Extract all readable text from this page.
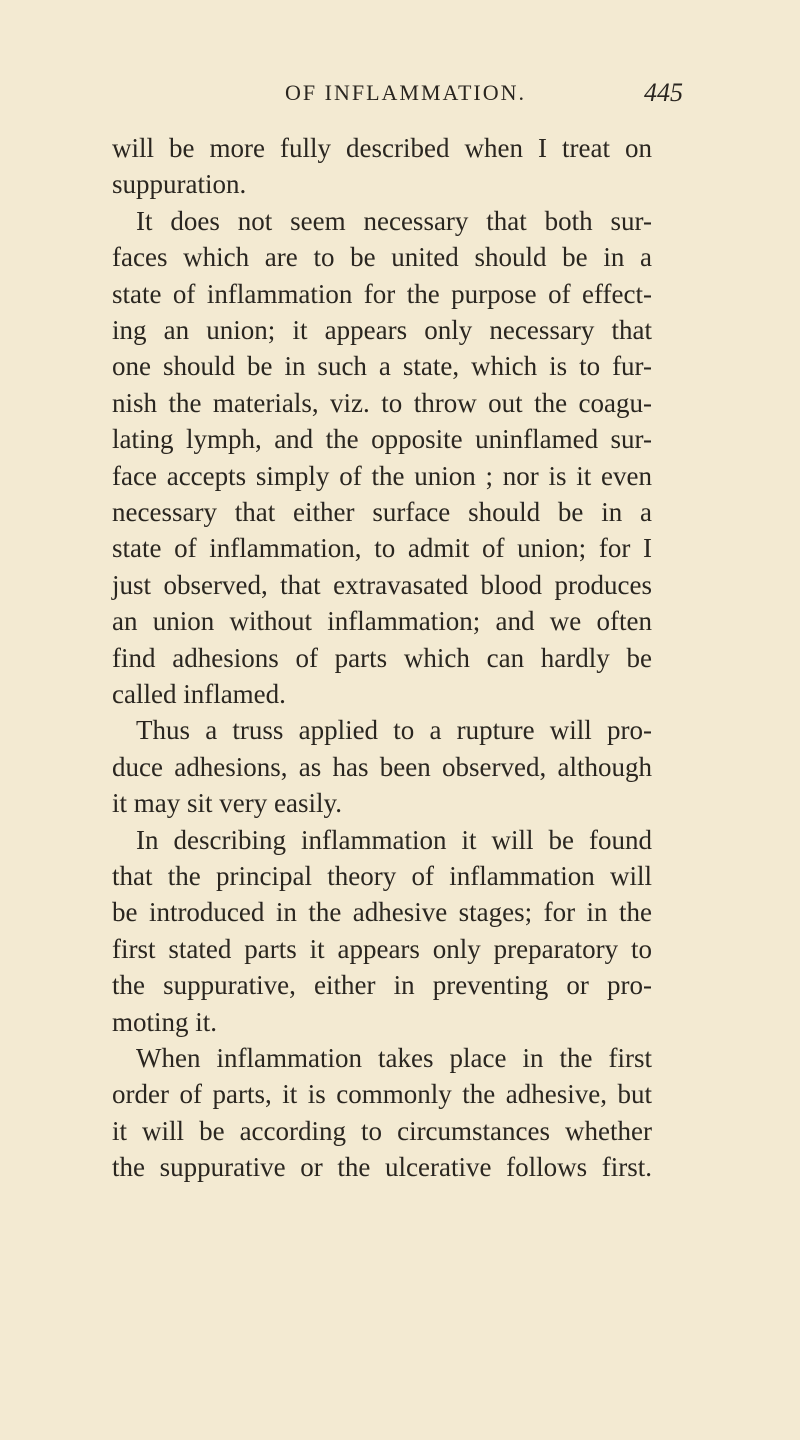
OF INFLAMMATION.	445
will be more fully described when I treat on
suppuration.
It does not seem necessary that both sur-
faces which are to be united should be in a
state of inflammation for the purpose of effect-
ing an union; it appears only necessary that
one should be in such a state, which is to fur-
nish the materials, viz. to throw out the coagu-
lating lymph, and the opposite uninflamed sur-
face accepts simply of the union ; nor is it even
necessary that either surface should be in a
state of inflammation, to admit of union; for I
just observed, that extravasated blood produces
an union without inflammation; and we often
find adhesions of parts which can hardly be
called inflamed.
Thus a truss applied to a rupture will pro-
duce adhesions, as has been observed, although
it may sit very easily.
In describing inflammation it will be found
that the principal theory of inflammation will
be introduced in the adhesive stages; for in the
first stated parts it appears only preparatory to
the suppurative, either in preventing or pro-
moting it.
When inflammation takes place in the first
order of parts, it is commonly the adhesive, but
it will be according to circumstances whether
the suppurative or the ulcerative follows first.
